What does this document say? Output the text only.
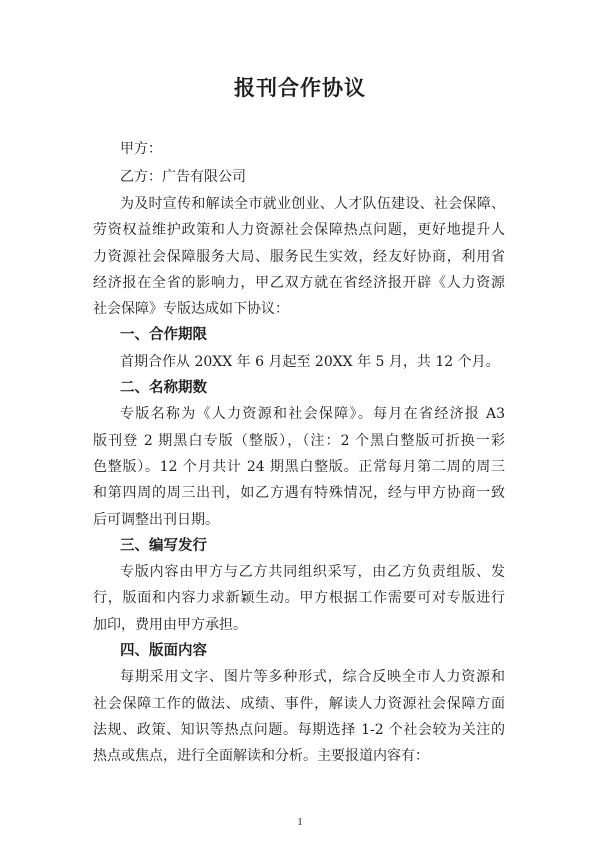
报刊合作协议
甲方：
乙方：广告有限公司
为及时宣传和解读全市就业创业、人才队伍建设、社会保障、
劳资权益维护政策和人力资源社会保障热点问题，更好地提升人
力资源社会保障服务大局、服务民生实效，经友好协商，利用省
经济报在全省的影响力，甲乙双方就在省经济报开辟《人力资源
社会保障》专版达成如下协议：
一、合作期限
首期合作从 20XX 年 6 月起至 20XX 年 5 月，共 12 个月。
二、名称期数
专版名称为《人力资源和社会保障》。每月在省经济报 A3
版刊登 2 期黑白专版（整版），（注：2 个黑白整版可折换一彩
色整版）。12 个月共计 24 期黑白整版。正常每月第二周的周三
和第四周的周三出刊，如乙方遇有特殊情况，经与甲方协商一致
后可调整出刊日期。
三、编写发行
专版内容由甲方与乙方共同组织采写，由乙方负责组版、发
行，版面和内容力求新颖生动。甲方根据工作需要可对专版进行
加印，费用由甲方承担。
四、版面内容
每期采用文字、图片等多种形式，综合反映全市人力资源和
社会保障工作的做法、成绩、事件，解读人力资源社会保障方面
法规、政策、知识等热点问题。每期选择 1-2 个社会较为关注的
热点或焦点，进行全面解读和分析。主要报道内容有：
1
